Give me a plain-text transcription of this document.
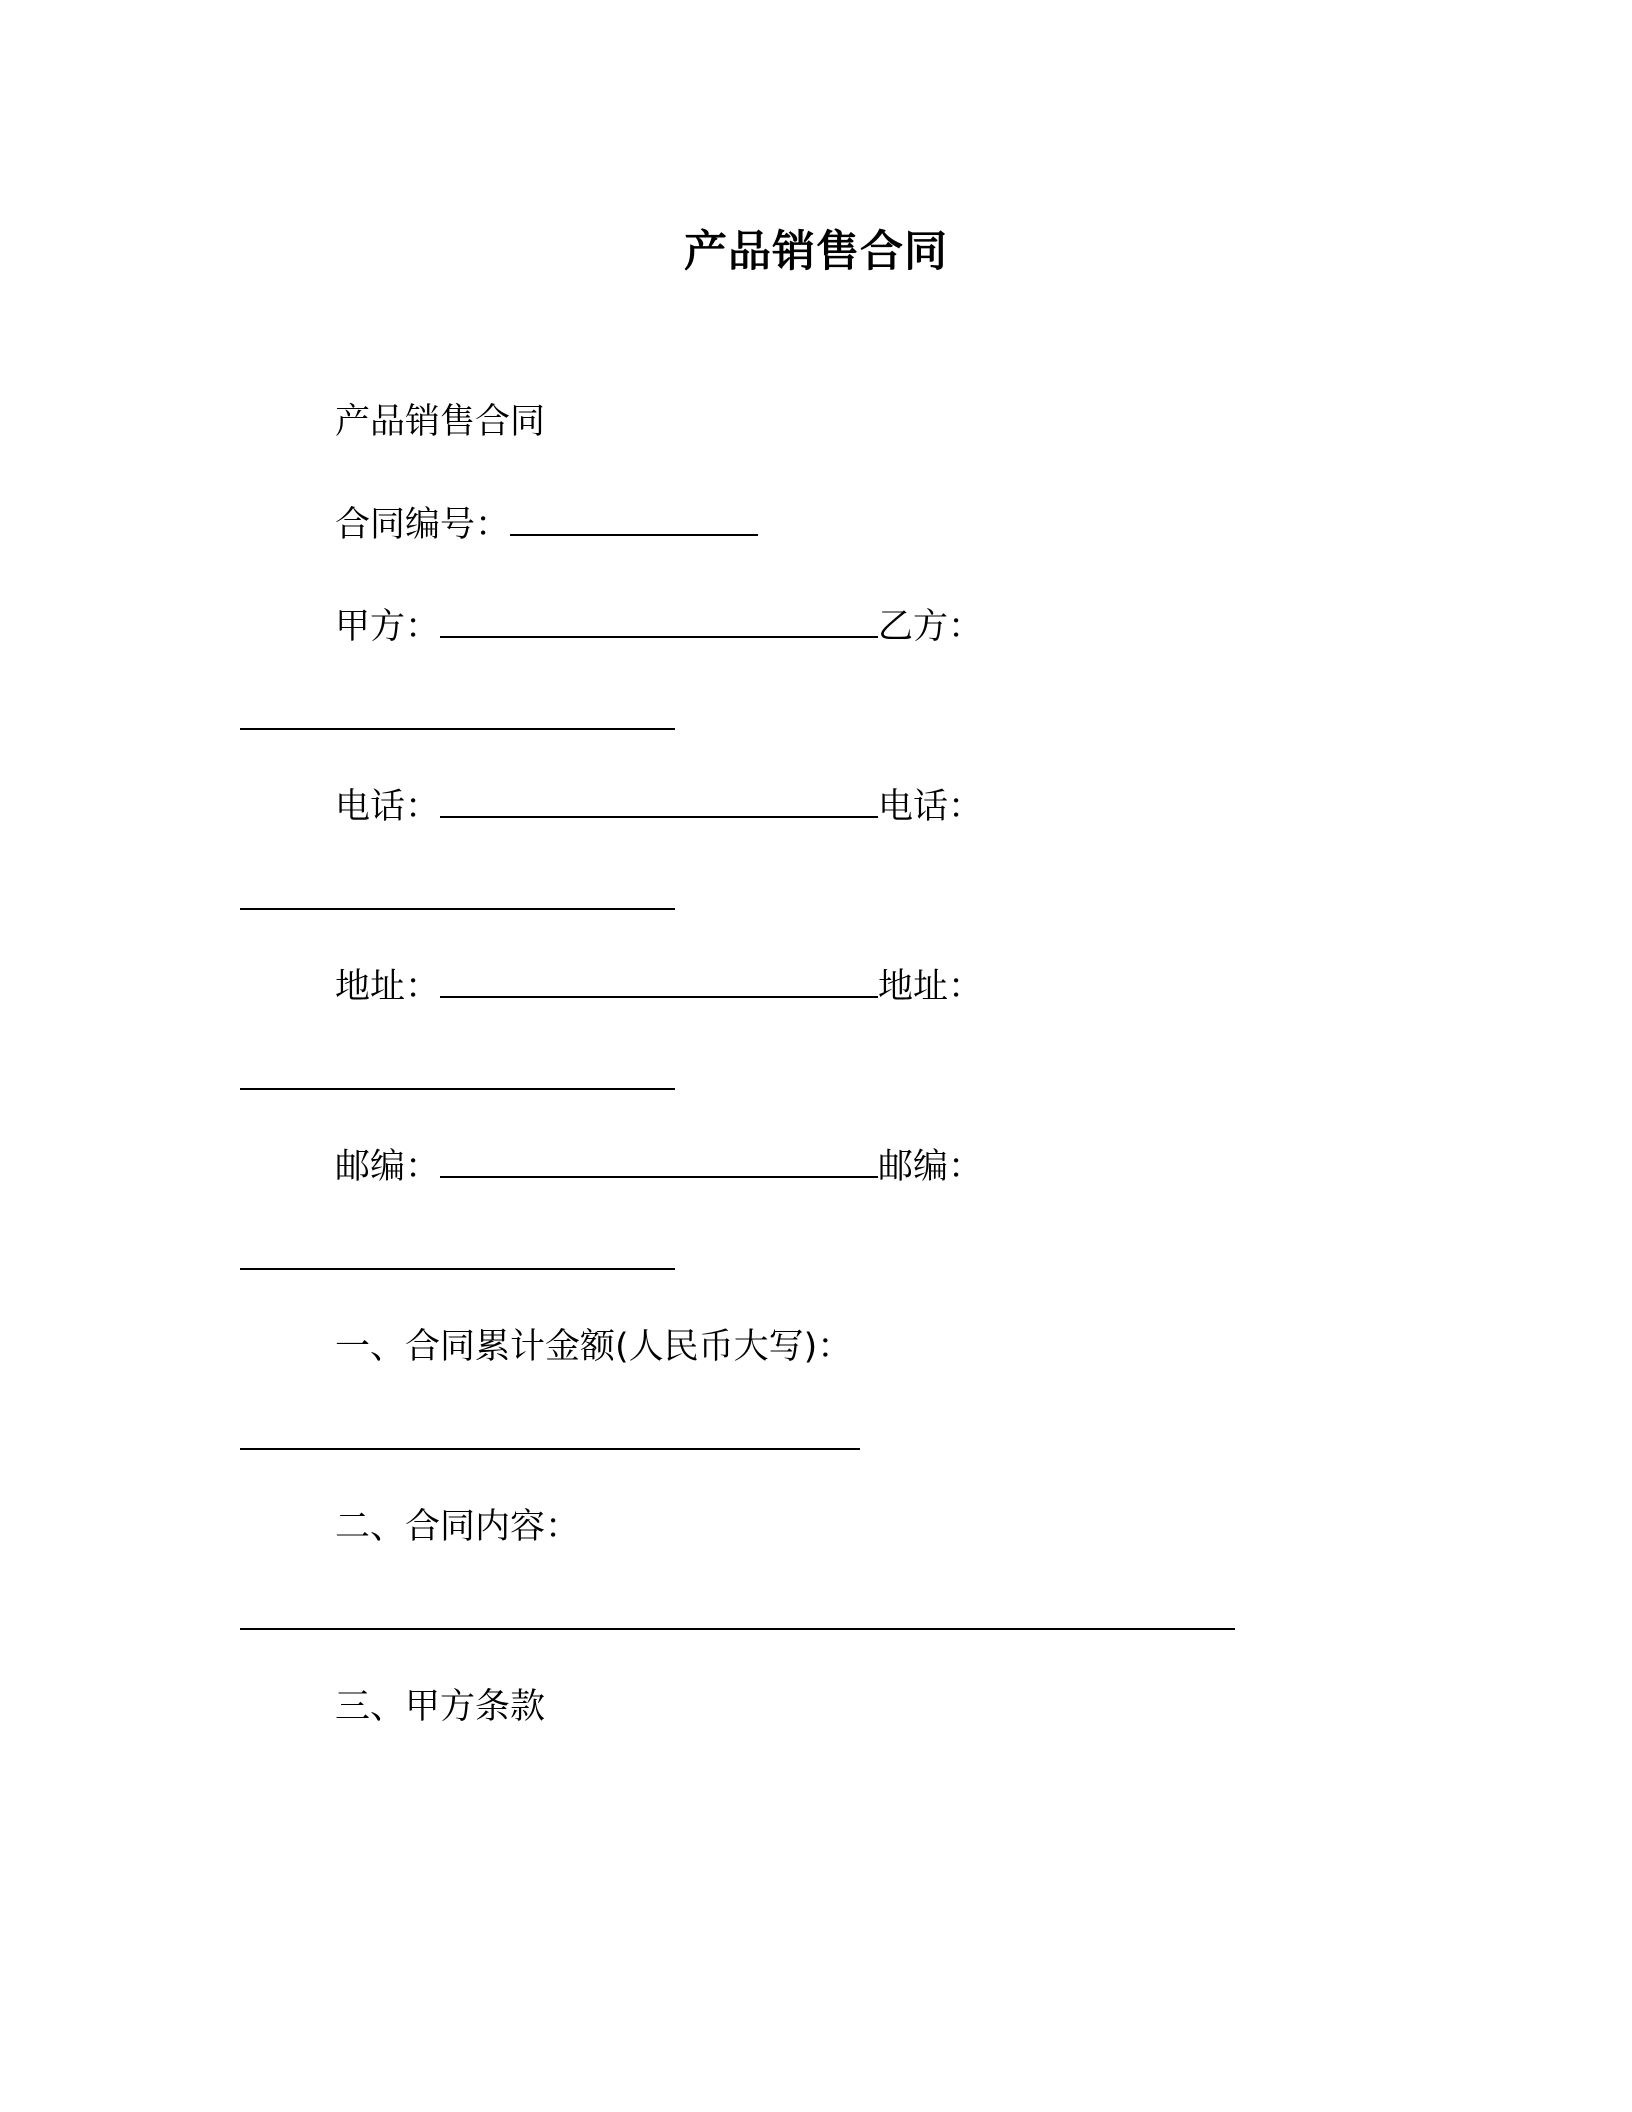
产品销售合同
产品销售合同
合同编号：
甲方：	乙方：
电话：	电话：
地址：	地址：
邮编：	邮编：
一、合同累计金额(人民币大写)：
二、合同内容：
三、甲方条款
